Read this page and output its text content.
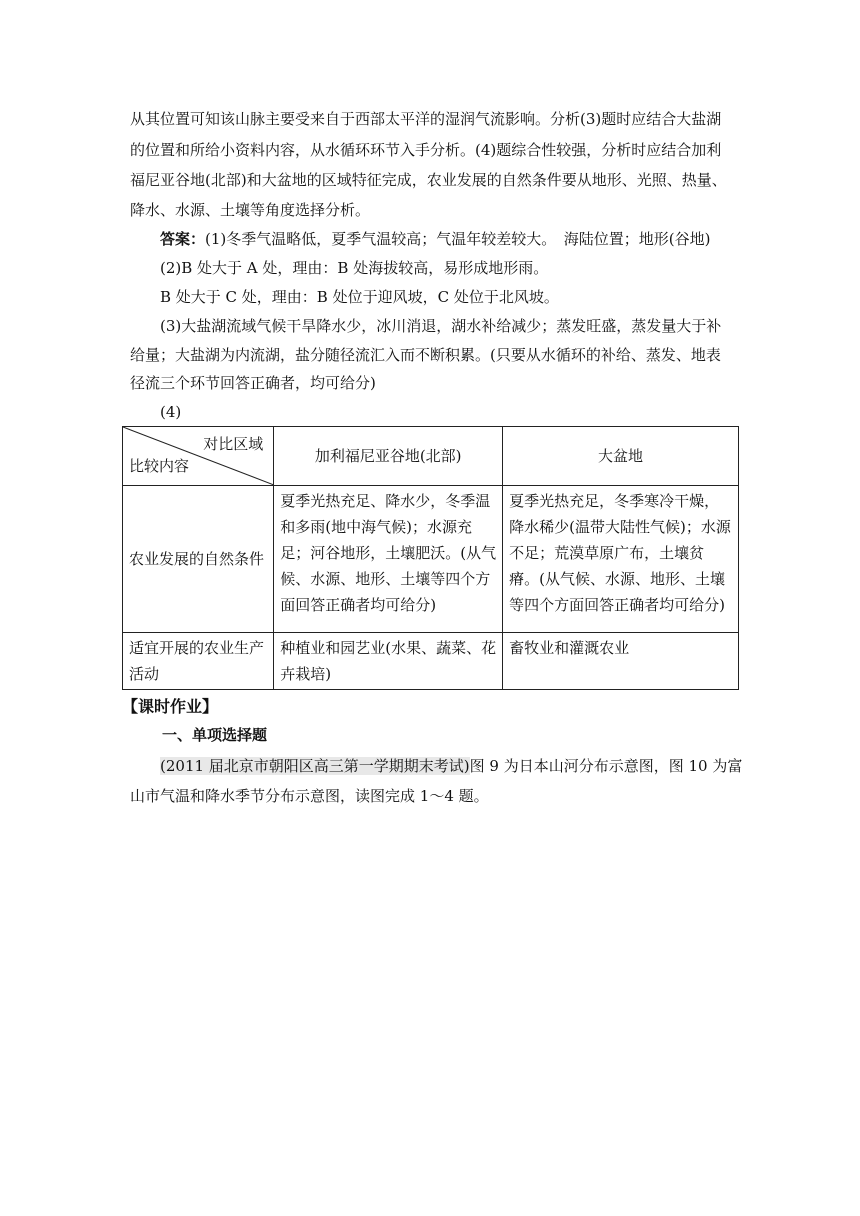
从其位置可知该山脉主要受来自于西部太平洋的湿润气流影响。分析(3)题时应结合大盐湖

的位置和所给小资料内容，从水循环环节入手分析。(4)题综合性较强，分析时应结合加利

福尼亚谷地(北部)和大盆地的区域特征完成，农业发展的自然条件要从地形、光照、热量、

降水、水源、土壤等角度选择分析。

答案：(1)冬季气温略低，夏季气温较高；气温年较差较大。　海陆位置；地形(谷地)

(2)B 处大于 A 处，理由：B 处海拔较高，易形成地形雨。

B 处大于 C 处，理由：B 处位于迎风坡，C 处位于北风坡。

(3)大盐湖流域气候干旱降水少，冰川消退，湖水补给减少；蒸发旺盛，蒸发量大于补

给量；大盐湖为内流湖，盐分随径流汇入而不断积累。(只要从水循环的补给、蒸发、地表

径流三个环节回答正确者，均可给分)

(4)

对比区域
比较内容	加利福尼亚谷地(北部)	大盆地
农业发展的自然条件	夏季光热充足、降水少，冬季温和多雨(地中海气候)；水源充足；河谷地形，土壤肥沃。(从气候、水源、地形、土壤等四个方面回答正确者均可给分)	夏季光热充足，冬季寒冷干燥，降水稀少(温带大陆性气候)；水源不足；荒漠草原广布，土壤贫瘠。(从气候、水源、地形、土壤等四个方面回答正确者均可给分)
适宜开展的农业生产活动	种植业和园艺业(水果、蔬菜、花卉栽培)	畜牧业和灌溉农业
【课时作业】
一、单项选择题

(2011 届北京市朝阳区高三第一学期期末考试)图 9 为日本山河分布示意图，图 10 为富

山市气温和降水季节分布示意图，读图完成 1～4 题。
